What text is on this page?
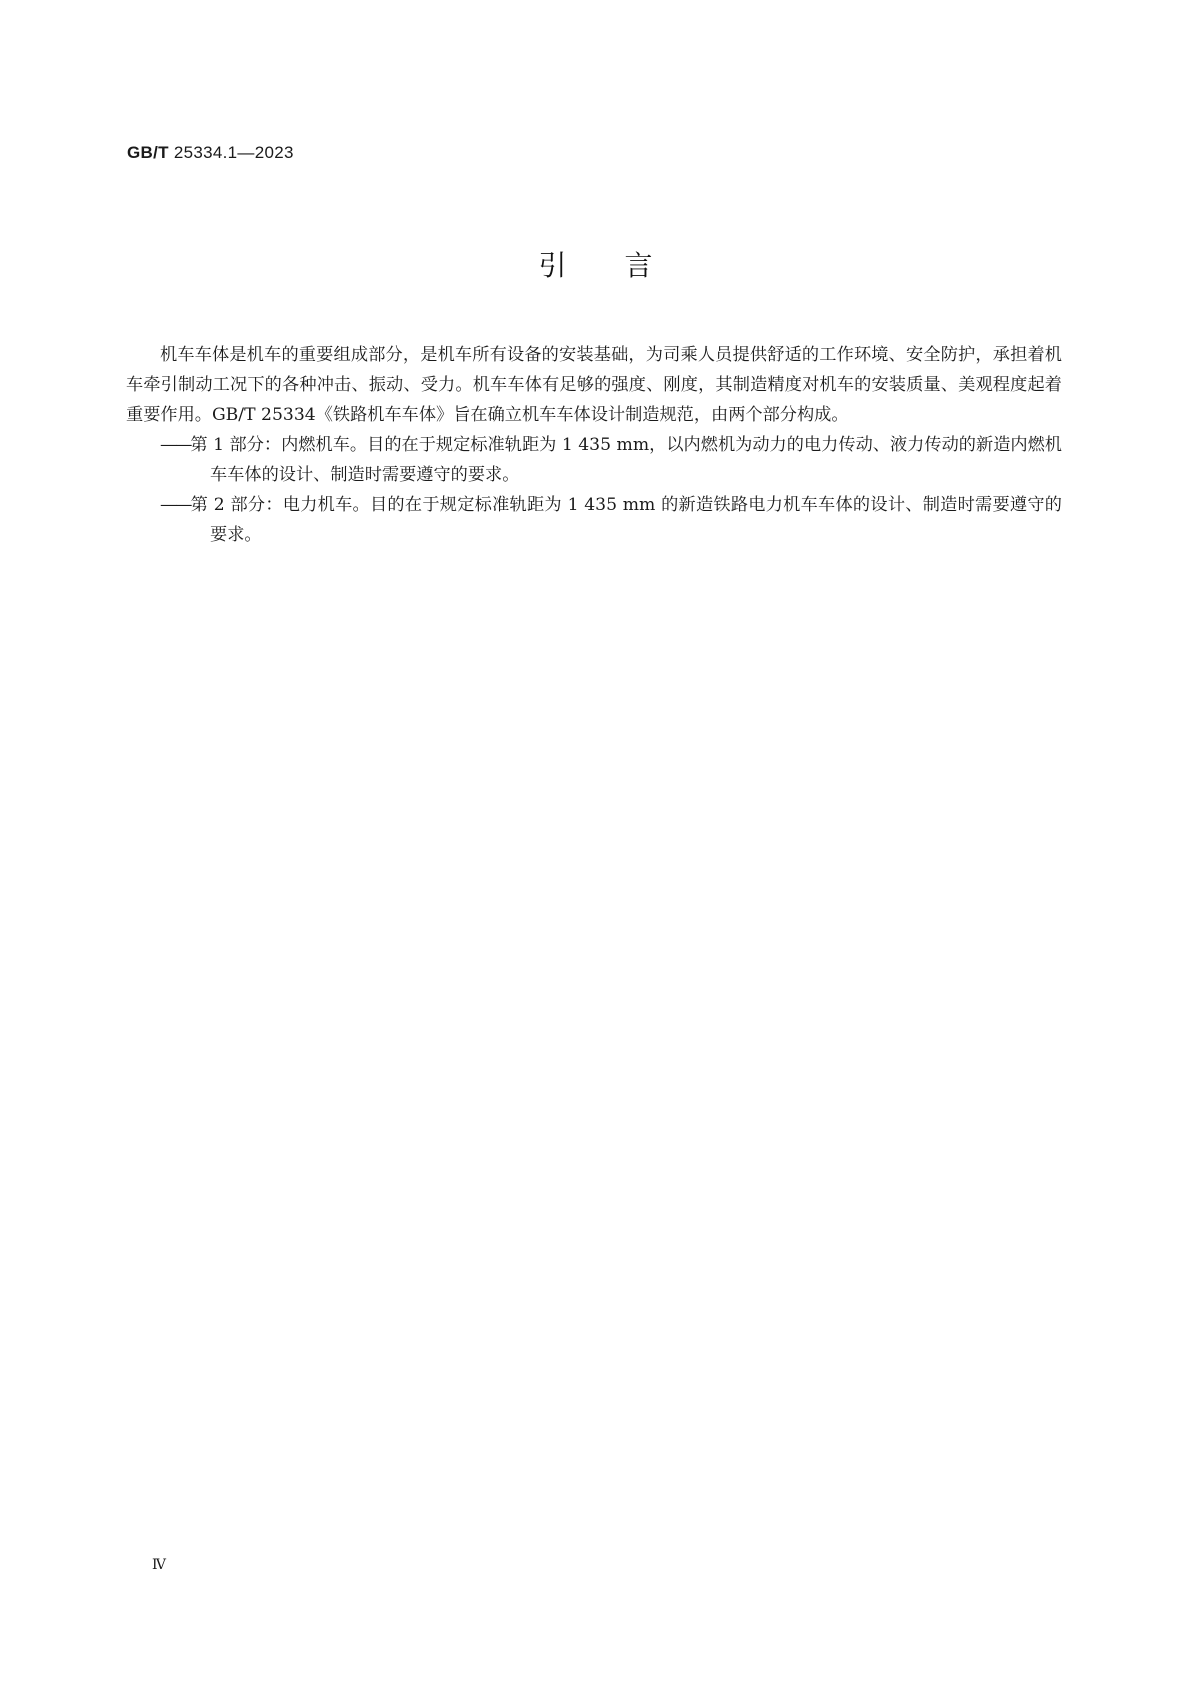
GB/T 25334.1—2023
引言

机车车体是机车的重要组成部分，是机车所有设备的安装基础，为司乘人员提供舒适的工作环境、安全防护，承担着机车牵引制动工况下的各种冲击、振动、受力。机车车体有足够的强度、刚度，其制造精度对机车的安装质量、美观程度起着重要作用。GB/T 25334《铁路机车车体》旨在确立机车车体设计制造规范，由两个部分构成。

——第 1 部分：内燃机车。目的在于规定标准轨距为 1 435 mm，以内燃机为动力的电力传动、液力传动的新造内燃机车车体的设计、制造时需要遵守的要求。

——第 2 部分：电力机车。目的在于规定标准轨距为 1 435 mm 的新造铁路电力机车车体的设计、制造时需要遵守的要求。

Ⅳ
